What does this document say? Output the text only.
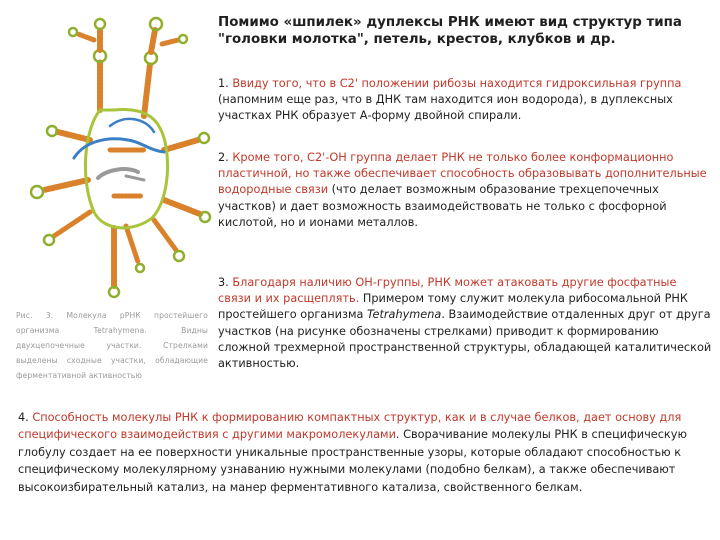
Рис. 3. Молекула рРНК простейшего организма Tetrahymena. Видны двухцепочечные участки. Стрелками выделены сходные участки, обладающие ферментативной активностью
Помимо «шпилек» дуплексы РНК имеют вид структур типа "головки молотка", петель, крестов, клубков и др.
1. Ввиду того, что в С2' положении рибозы находится гидроксильная группа (напомним еще раз, что в ДНК там находится ион водорода), в дуплексных участках РНК образует А-форму двойной спирали.
2. Кроме того, С2'-ОН группа делает РНК не только более конформационно пластичной, но также обеспечивает способность образовывать дополнительные водородные связи (что делает возможным образование трехцепочечных участков) и дает возможность взаимодействовать не только с фосфорной кислотой, но и ионами металлов.
3. Благодаря наличию ОН-группы, РНК может атаковать другие фосфатные связи и их расщеплять. Примером тому служит молекула рибосомальной РНК простейшего организма Tetrahymena. Взаимодействие отдаленных друг от друга участков (на рисунке обозначены стрелками) приводит к формированию сложной трехмерной пространственной структуры, обладающей каталитической активностью.
4. Способность молекулы РНК к формированию компактных структур, как и в случае белков, дает основу для специфического взаимодействия с другими макромолекулами. Сворачивание молекулы РНК в специфическую глобулу создает на ее поверхности уникальные пространственные узоры, которые обладают способностью к специфическому молекулярному узнаванию нужными молекулами (подобно белкам), а также обеспечивают высокоизбирательный катализ, на манер ферментативного катализа, свойственного белкам.
